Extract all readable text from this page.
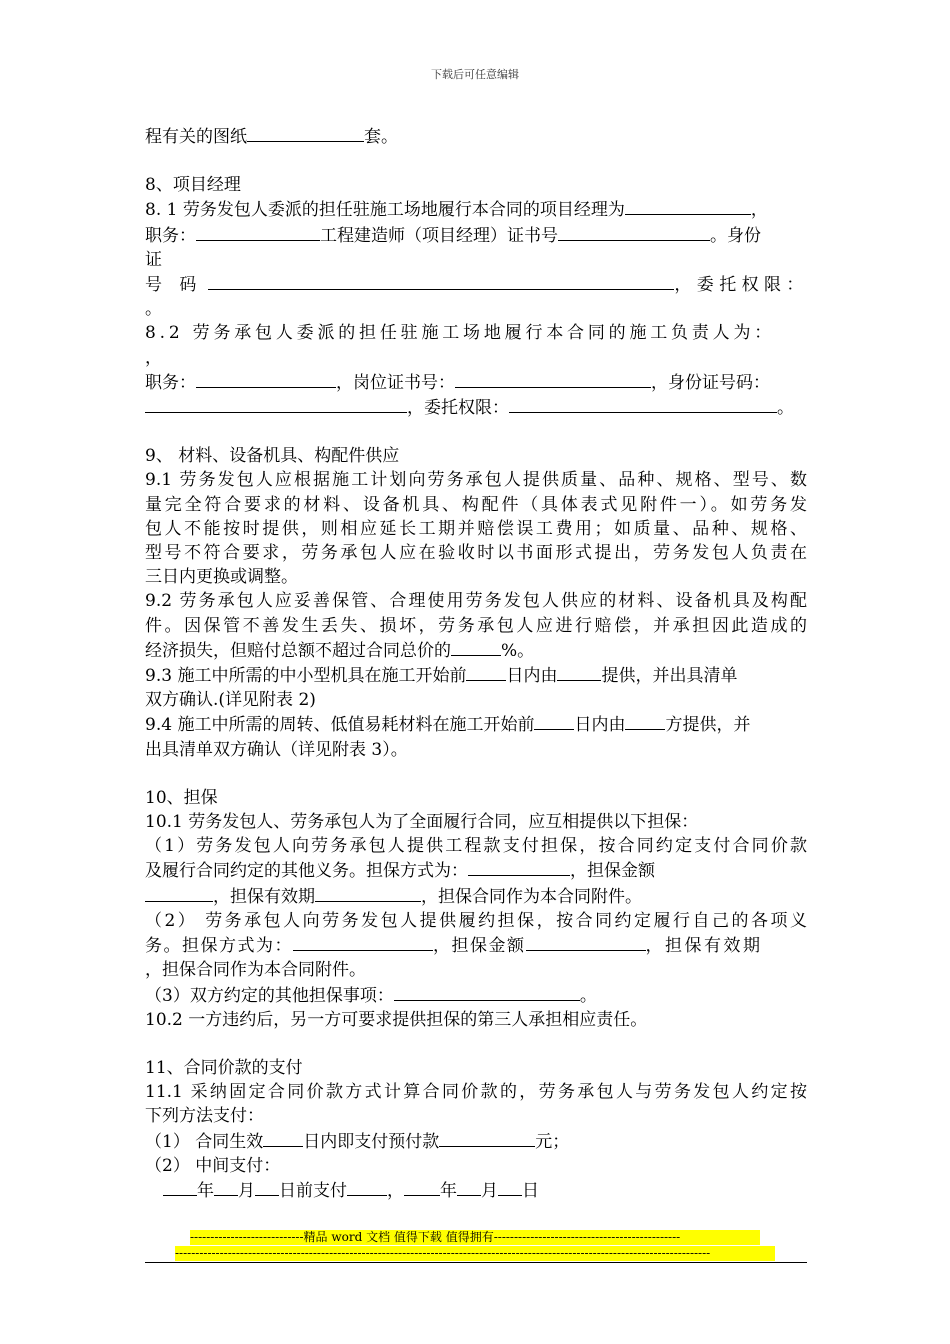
下载后可任意编辑
程有关的图纸	套。
8、项目经理
8. 1 劳务发包人委派的担任驻施工场地履行本合同的项目经理为	，
职务：	工程建造师（项目经理）证书号	。身份
证
号 码	， 委 托 权 限 ：
。
8.2 劳务承包人委派的担任驻施工场地履行本合同的施工负责人为：
，
职务：	，岗位证书号：	，身份证号码：
，委托权限：	。
9、 材料、设备机具、构配件供应
9.1 劳务发包人应根据施工计划向劳务承包人提供质量、品种、规格、型号、数
量完全符合要求的材料、设备机具、构配件（具体表式见附件一）。如劳务发
包人不能按时提供，则相应延长工期并赔偿误工费用；如质量、品种、规格、
型号不符合要求，劳务承包人应在验收时以书面形式提出，劳务发包人负责在
三日内更换或调整。
9.2 劳务承包人应妥善保管、合理使用劳务发包人供应的材料、设备机具及构配
件。因保管不善发生丢失、损坏，劳务承包人应进行赔偿，并承担因此造成的
经济损失，但赔付总额不超过合同总价的	%。
9.3 施工中所需的中小型机具在施工开始前 日内由	提供，并出具清单
双方确认.(详见附表 2)
9.4 施工中所需的周转、低值易耗材料在施工开始前 日内由 方提供，并
出具清单双方确认（详见附表 3）。
10、担保
10.1 劳务发包人、劳务承包人为了全面履行合同，应互相提供以下担保：
（1）劳务发包人向劳务承包人提供工程款支付担保，按合同约定支付合同价款
及履行合同约定的其他义务。担保方式为：	，担保金额
，担保有效期	，担保合同作为本合同附件。
（2） 劳务承包人向劳务发包人提供履约担保，按合同约定履行自己的各项义
务。担保方式为：	，担保金额	，担保有效期
，担保合同作为本合同附件。
（3）双方约定的其他担保事项：	。
10.2 一方违约后，另一方可要求提供担保的第三人承担相应责任。
11、合同价款的支付
11.1 采纳固定合同价款方式计算合同价款的，劳务承包人与劳务发包人约定按
下列方法支付：
（1） 合同生效 日内即支付预付款	元；
（2） 中间支付：
年 月 日前支付 ， 年 月 日
----------------------------精品 word 文档 值得下载 值得拥有----------------------------------------------
------------------------------------------------------------------------------------------------------------------------------------
